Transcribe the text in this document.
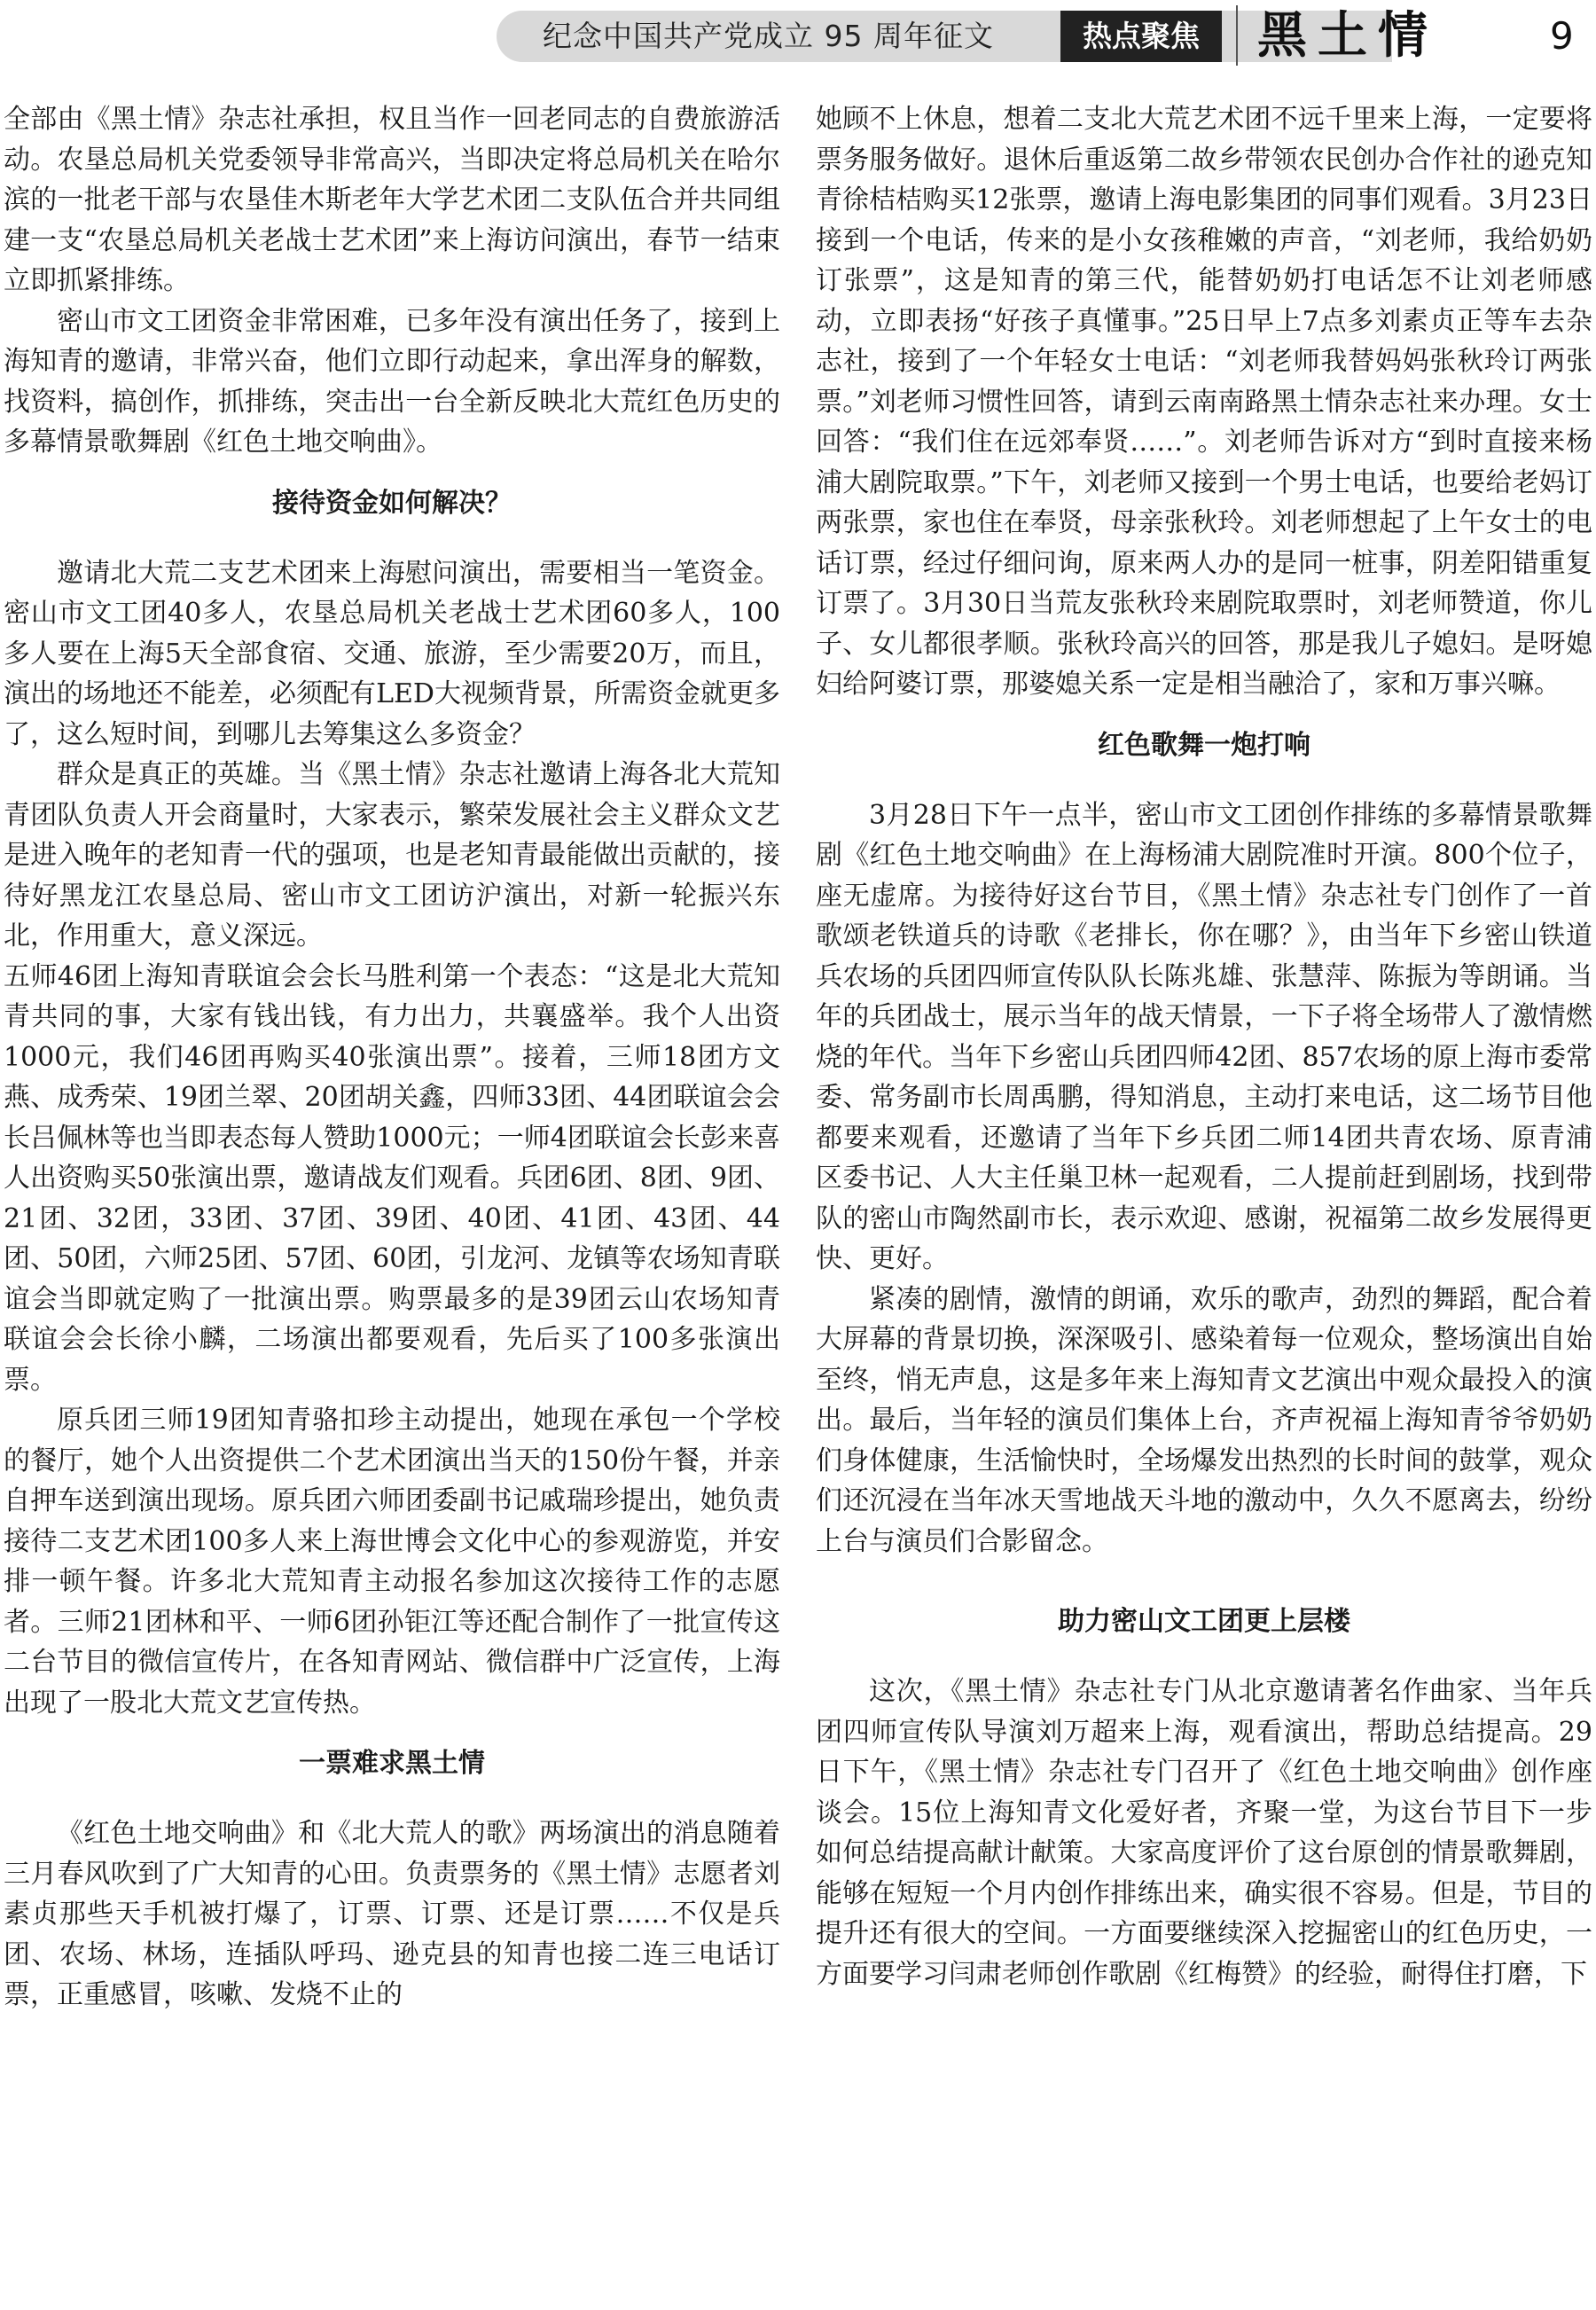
纪念中国共产党成立 95 周年征文	热点聚焦	黑土情	9

全部由《黑土情》杂志社承担，权且当作一回老同志的自费旅游活动。农垦总局机关党委领导非常高兴，当即决定将总局机关在哈尔滨的一批老干部与农垦佳木斯老年大学艺术团二支队伍合并共同组建一支“农垦总局机关老战士艺术团”来上海访问演出，春节一结束立即抓紧排练。

密山市文工团资金非常困难，已多年没有演出任务了，接到上海知青的邀请，非常兴奋，他们立即行动起来，拿出浑身的解数，找资料，搞创作，抓排练，突击出一台全新反映北大荒红色历史的多幕情景歌舞剧《红色土地交响曲》。

接待资金如何解决？

邀请北大荒二支艺术团来上海慰问演出，需要相当一笔资金。密山市文工团40多人，农垦总局机关老战士艺术团60多人，100多人要在上海5天全部食宿、交通、旅游，至少需要20万，而且，演出的场地还不能差，必须配有LED大视频背景，所需资金就更多了，这么短时间，到哪儿去筹集这么多资金？

群众是真正的英雄。当《黑土情》杂志社邀请上海各北大荒知青团队负责人开会商量时，大家表示，繁荣发展社会主义群众文艺是进入晚年的老知青一代的强项，也是老知青最能做出贡献的，接待好黑龙江农垦总局、密山市文工团访沪演出，对新一轮振兴东北，作用重大，意义深远。

五师46团上海知青联谊会会长马胜利第一个表态：“这是北大荒知青共同的事，大家有钱出钱，有力出力，共襄盛举。我个人出资1000元，我们46团再购买40张演出票”。接着，三师18团方文燕、成秀荣、19团兰翠、20团胡关鑫，四师33团、44团联谊会会长吕佩林等也当即表态每人赞助1000元；一师4团联谊会长彭来喜人出资购买50张演出票，邀请战友们观看。兵团6团、8团、9团、21团、32团，33团、37团、39团、40团、41团、43团、44团、50团，六师25团、57团、60团，引龙河、龙镇等农场知青联谊会当即就定购了一批演出票。购票最多的是39团云山农场知青联谊会会长徐小麟，二场演出都要观看，先后买了100多张演出票。

原兵团三师19团知青骆扣珍主动提出，她现在承包一个学校的餐厅，她个人出资提供二个艺术团演出当天的150份午餐，并亲自押车送到演出现场。原兵团六师团委副书记戚瑞珍提出，她负责接待二支艺术团100多人来上海世博会文化中心的参观游览，并安排一顿午餐。许多北大荒知青主动报名参加这次接待工作的志愿者。三师21团林和平、一师6团孙钜江等还配合制作了一批宣传这二台节目的微信宣传片，在各知青网站、微信群中广泛宣传，上海出现了一股北大荒文艺宣传热。

一票难求黑土情

《红色土地交响曲》和《北大荒人的歌》两场演出的消息随着三月春风吹到了广大知青的心田。负责票务的《黑土情》志愿者刘素贞那些天手机被打爆了，订票、订票、还是订票……不仅是兵团、农场、林场，连插队呼玛、逊克县的知青也接二连三电话订票，正重感冒，咳嗽、发烧不止的

她顾不上休息，想着二支北大荒艺术团不远千里来上海，一定要将票务服务做好。退休后重返第二故乡带领农民创办合作社的逊克知青徐桔桔购买12张票，邀请上海电影集团的同事们观看。3月23日接到一个电话，传来的是小女孩稚嫩的声音，“刘老师，我给奶奶订张票”，这是知青的第三代，能替奶奶打电话怎不让刘老师感动，立即表扬“好孩子真懂事。”25日早上7点多刘素贞正等车去杂志社，接到了一个年轻女士电话：“刘老师我替妈妈张秋玲订两张票。”刘老师习惯性回答，请到云南南路黑土情杂志社来办理。女士回答：“我们住在远郊奉贤……”。刘老师告诉对方“到时直接来杨浦大剧院取票。”下午，刘老师又接到一个男士电话，也要给老妈订两张票，家也住在奉贤，母亲张秋玲。刘老师想起了上午女士的电话订票，经过仔细问询，原来两人办的是同一桩事，阴差阳错重复订票了。3月30日当荒友张秋玲来剧院取票时，刘老师赞道，你儿子、女儿都很孝顺。张秋玲高兴的回答，那是我儿子媳妇。是呀媳妇给阿婆订票，那婆媳关系一定是相当融洽了，家和万事兴嘛。

红色歌舞一炮打响

3月28日下午一点半，密山市文工团创作排练的多幕情景歌舞剧《红色土地交响曲》在上海杨浦大剧院准时开演。800个位子，座无虚席。为接待好这台节目，《黑土情》杂志社专门创作了一首歌颂老铁道兵的诗歌《老排长，你在哪？》，由当年下乡密山铁道兵农场的兵团四师宣传队队长陈兆雄、张慧萍、陈振为等朗诵。当年的兵团战士，展示当年的战天情景，一下子将全场带人了激情燃烧的年代。当年下乡密山兵团四师42团、857农场的原上海市委常委、常务副市长周禹鹏，得知消息，主动打来电话，这二场节目他都要来观看，还邀请了当年下乡兵团二师14团共青农场、原青浦区委书记、人大主任巢卫林一起观看，二人提前赶到剧场，找到带队的密山市陶然副市长，表示欢迎、感谢，祝福第二故乡发展得更快、更好。

紧凑的剧情，激情的朗诵，欢乐的歌声，劲烈的舞蹈，配合着大屏幕的背景切换，深深吸引、感染着每一位观众，整场演出自始至终，悄无声息，这是多年来上海知青文艺演出中观众最投入的演出。最后，当年轻的演员们集体上台，齐声祝福上海知青爷爷奶奶们身体健康，生活愉快时，全场爆发出热烈的长时间的鼓掌，观众们还沉浸在当年冰天雪地战天斗地的激动中，久久不愿离去，纷纷上台与演员们合影留念。

助力密山文工团更上层楼

这次，《黑土情》杂志社专门从北京邀请著名作曲家、当年兵团四师宣传队导演刘万超来上海，观看演出，帮助总结提高。29日下午，《黑土情》杂志社专门召开了《红色土地交响曲》创作座谈会。15位上海知青文化爱好者，齐聚一堂，为这台节目下一步如何总结提高献计献策。大家高度评价了这台原创的情景歌舞剧，能够在短短一个月内创作排练出来，确实很不容易。但是，节目的提升还有很大的空间。一方面要继续深入挖掘密山的红色历史，一方面要学习闫肃老师创作歌剧《红梅赞》的经验，耐得住打磨，下
